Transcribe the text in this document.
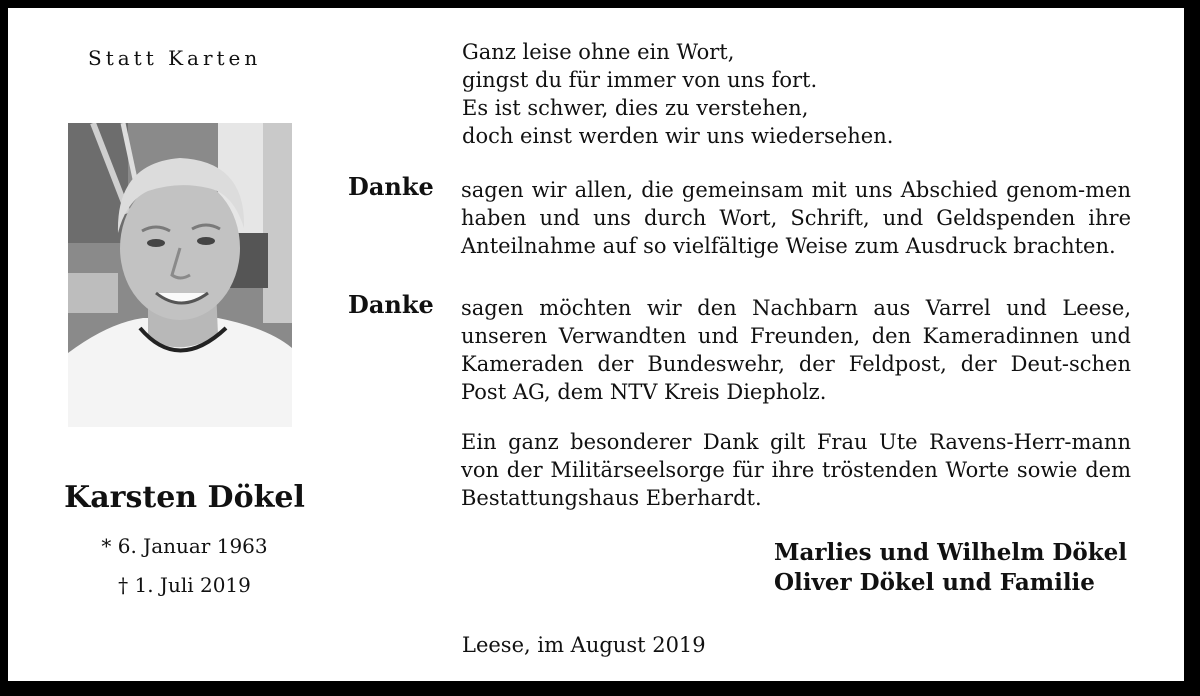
Statt Karten
Karsten Dökel
* 6. Januar 1963
† 1. Juli 2019
Ganz leise ohne ein Wort,
gingst du für immer von uns fort.
Es ist schwer, dies zu verstehen,
doch einst werden wir uns wiedersehen.
Danke	sagen wir allen, die gemeinsam mit uns Abschied genom-men haben und uns durch Wort, Schrift, und Geldspenden ihre Anteilnahme auf so vielfältige Weise zum Ausdruck brachten.
Danke	sagen möchten wir den Nachbarn aus Varrel und Leese, unseren Verwandten und Freunden, den Kameradinnen und Kameraden der Bundeswehr, der Feldpost, der Deut-schen Post AG, dem NTV Kreis Diepholz.
Ein ganz besonderer Dank gilt Frau Ute Ravens-Herr-mann von der Militärseelsorge für ihre tröstenden Worte sowie dem Bestattungshaus Eberhardt.
Marlies und Wilhelm Dökel
Oliver Dökel und Familie
Leese, im August 2019
